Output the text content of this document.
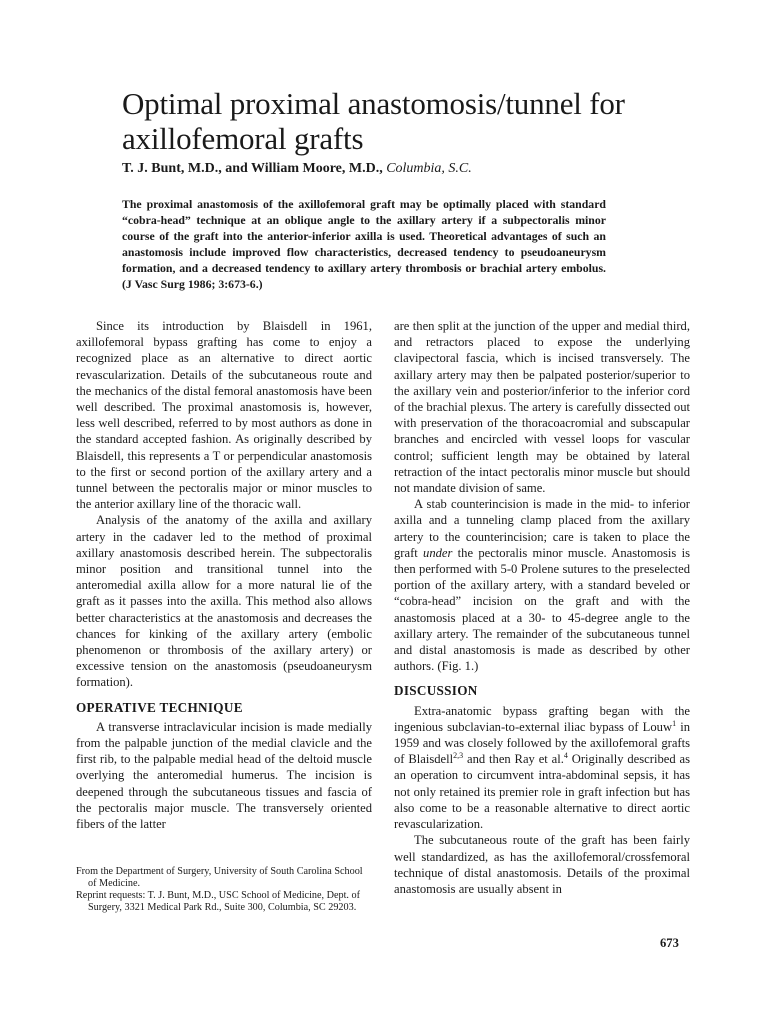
Optimal proximal anastomosis/tunnel for
axillofemoral grafts
T. J. Bunt, M.D., and William Moore, M.D., Columbia, S.C.

The proximal anastomosis of the axillofemoral graft may be optimally placed with standard “cobra-head” technique at an oblique angle to the axillary artery if a subpectoralis minor course of the graft into the anterior-inferior axilla is used. Theoretical advantages of such an anastomosis include improved flow characteristics, decreased tendency to pseudoaneurysm formation, and a decreased tendency to axillary artery thrombosis or brachial artery embolus. (J Vasc Surg 1986; 3:673-6.)

Since its introduction by Blaisdell in 1961, axillofemoral bypass grafting has come to enjoy a recognized place as an alternative to direct aortic revascularization. Details of the subcutaneous route and the mechanics of the distal femoral anastomosis have been well described. The proximal anastomosis is, however, less well described, referred to by most authors as done in the standard accepted fashion. As originally described by Blaisdell, this represents a T or perpendicular anastomosis to the first or second portion of the axillary artery and a tunnel between the pectoralis major or minor muscles to the anterior axillary line of the thoracic wall.

Analysis of the anatomy of the axilla and axillary artery in the cadaver led to the method of proximal axillary anastomosis described herein. The subpectoralis minor position and transitional tunnel into the anteromedial axilla allow for a more natural lie of the graft as it passes into the axilla. This method also allows better characteristics at the anastomosis and decreases the chances for kinking of the axillary artery (embolic phenomenon or thrombosis of the axillary artery) or excessive tension on the anastomosis (pseudoaneurysm formation).

OPERATIVE TECHNIQUE

A transverse intraclavicular incision is made medially from the palpable junction of the medial clavicle and the first rib, to the palpable medial head of the deltoid muscle overlying the anteromedial humerus. The incision is deepened through the subcutaneous tissues and fascia of the pectoralis major muscle. The transversely oriented fibers of the latter

are then split at the junction of the upper and medial third, and retractors placed to expose the underlying clavipectoral fascia, which is incised transversely. The axillary artery may then be palpated posterior/superior to the axillary vein and posterior/inferior to the inferior cord of the brachial plexus. The artery is carefully dissected out with preservation of the thoracoacromial and subscapular branches and encircled with vessel loops for vascular control; sufficient length may be obtained by lateral retraction of the intact pectoralis minor muscle but should not mandate division of same.

A stab counterincision is made in the mid- to inferior axilla and a tunneling clamp placed from the axillary artery to the counterincision; care is taken to place the graft under the pectoralis minor muscle. Anastomosis is then performed with 5-0 Prolene sutures to the preselected portion of the axillary artery, with a standard beveled or “cobra-head” incision on the graft and with the anastomosis placed at a 30- to 45-degree angle to the axillary artery. The remainder of the subcutaneous tunnel and distal anastomosis is made as described by other authors. (Fig. 1.)

DISCUSSION

Extra-anatomic bypass grafting began with the ingenious subclavian-to-external iliac bypass of Louw$^1$ in 1959 and was closely followed by the axillofemoral grafts of Blaisdell$^{2,3}$ and then Ray et al.$^4$ Originally described as an operation to circumvent intra-abdominal sepsis, it has not only retained its premier role in graft infection but has also come to be a reasonable alternative to direct aortic revascularization.

The subcutaneous route of the graft has been fairly well standardized, as has the axillofemoral/crossfemoral technique of distal anastomosis. Details of the proximal anastomosis are usually absent in

From the Department of Surgery, University of South Carolina School of Medicine.

Reprint requests: T. J. Bunt, M.D., USC School of Medicine, Dept. of Surgery, 3321 Medical Park Rd., Suite 300, Columbia, SC 29203.

673
